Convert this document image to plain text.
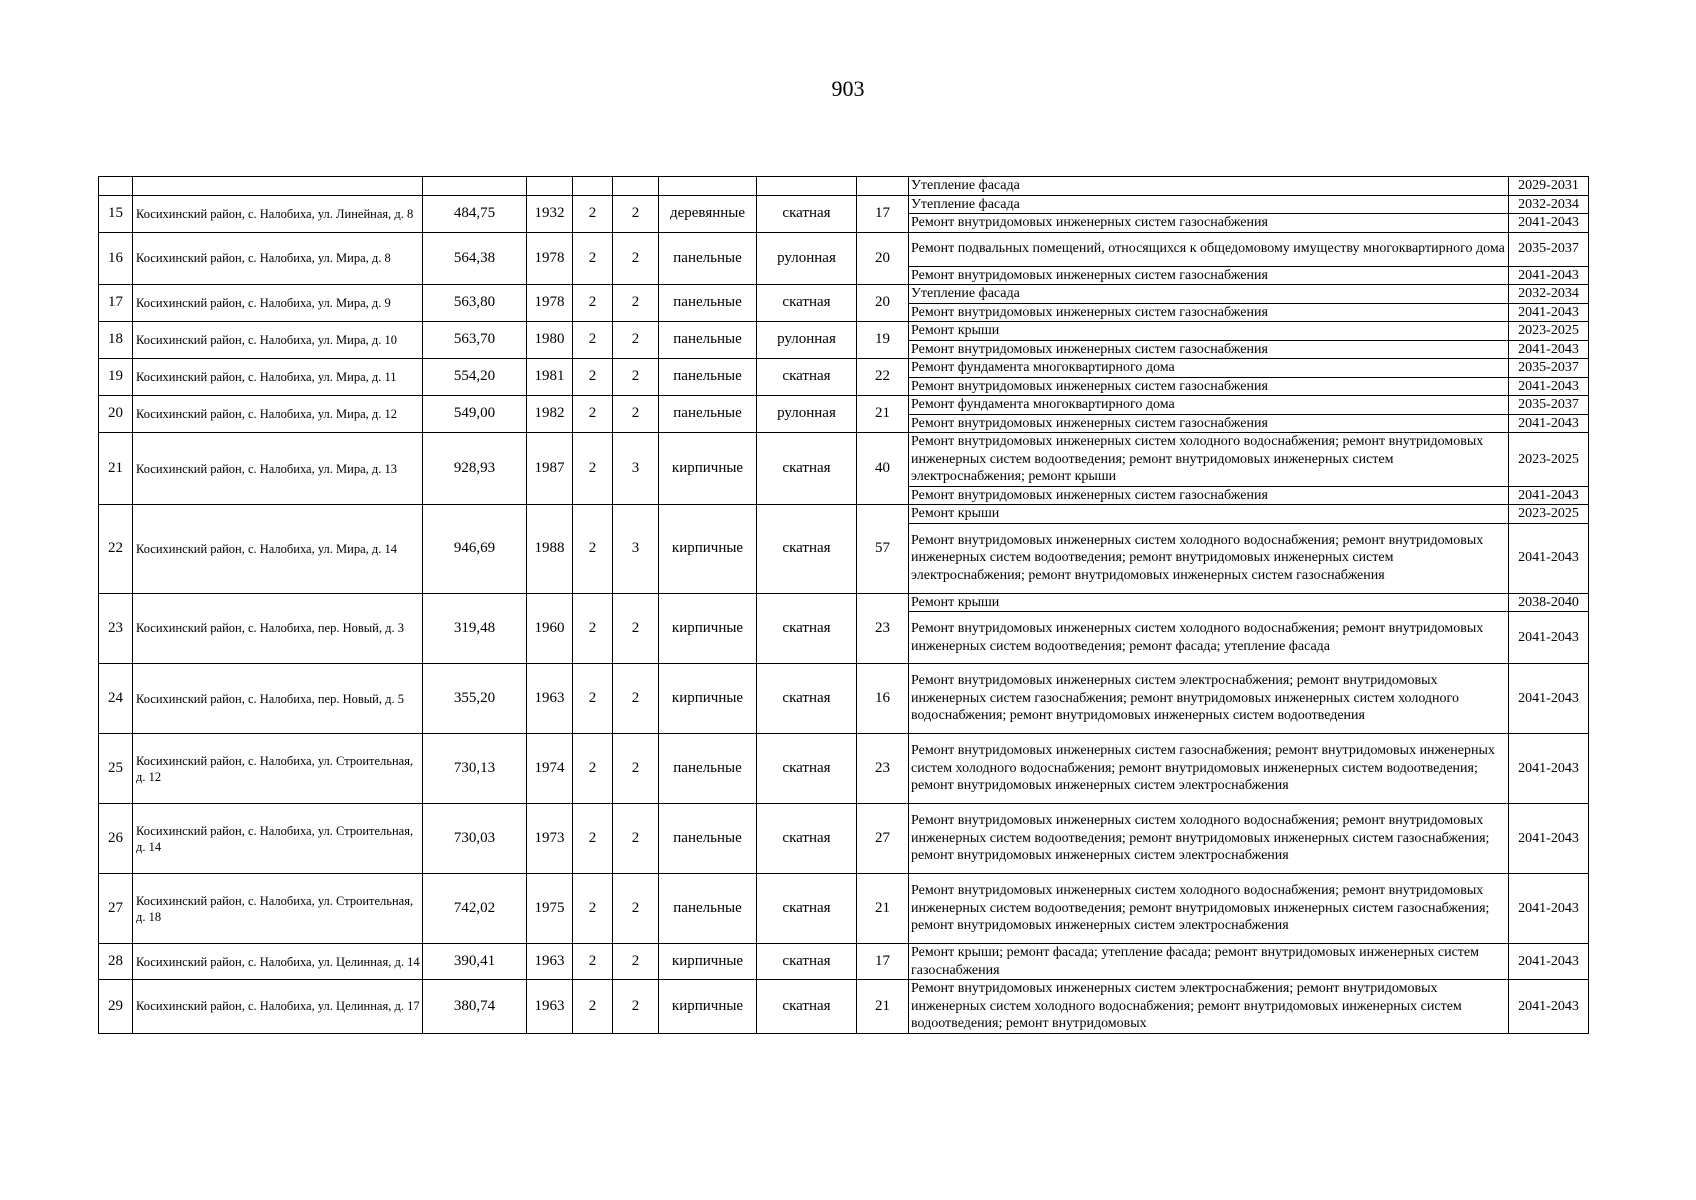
903
									Утепление фасада	2029-2031
15	Косихинский район, с. Налобиха, ул. Линейная, д. 8	484,75	1932	2	2	деревянные	скатная	17	Утепление фасада	2032-2034
									Ремонт внутридомовых инженерных систем газоснабжения	2041-2043
16	Косихинский район, с. Налобиха, ул. Мира, д. 8	564,38	1978	2	2	панельные	рулонная	20	Ремонт подвальных помещений, относящихся к общедомовому имуществу многоквартирного дома	2035-2037
									Ремонт внутридомовых инженерных систем газоснабжения	2041-2043
17	Косихинский район, с. Налобиха, ул. Мира, д. 9	563,80	1978	2	2	панельные	скатная	20	Утепление фасада	2032-2034
									Ремонт внутридомовых инженерных систем газоснабжения	2041-2043
18	Косихинский район, с. Налобиха, ул. Мира, д. 10	563,70	1980	2	2	панельные	рулонная	19	Ремонт крыши	2023-2025
									Ремонт внутридомовых инженерных систем газоснабжения	2041-2043
19	Косихинский район, с. Налобиха, ул. Мира, д. 11	554,20	1981	2	2	панельные	скатная	22	Ремонт фундамента многоквартирного дома	2035-2037
									Ремонт внутридомовых инженерных систем газоснабжения	2041-2043
20	Косихинский район, с. Налобиха, ул. Мира, д. 12	549,00	1982	2	2	панельные	рулонная	21	Ремонт фундамента многоквартирного дома	2035-2037
									Ремонт внутридомовых инженерных систем газоснабжения	2041-2043
21	Косихинский район, с. Налобиха, ул. Мира, д. 13	928,93	1987	2	3	кирпичные	скатная	40	Ремонт внутридомовых инженерных систем холодного водоснабжения; ремонт внутридомовых инженерных систем водоотведения; ремонт внутридомовых инженерных систем электроснабжения; ремонт крыши	2023-2025
									Ремонт внутридомовых инженерных систем газоснабжения	2041-2043
22	Косихинский район, с. Налобиха, ул. Мира, д. 14	946,69	1988	2	3	кирпичные	скатная	57	Ремонт крыши	2023-2025
									Ремонт внутридомовых инженерных систем холодного водоснабжения; ремонт внутридомовых инженерных систем водоотведения; ремонт внутридомовых инженерных систем электроснабжения; ремонт внутридомовых инженерных систем газоснабжения	2041-2043
23	Косихинский район, с. Налобиха, пер. Новый, д. 3	319,48	1960	2	2	кирпичные	скатная	23	Ремонт крыши	2038-2040
									Ремонт внутридомовых инженерных систем холодного водоснабжения; ремонт внутридомовых инженерных систем водоотведения; ремонт фасада; утепление фасада	2041-2043
24	Косихинский район, с. Налобиха, пер. Новый, д. 5	355,20	1963	2	2	кирпичные	скатная	16	Ремонт внутридомовых инженерных систем электроснабжения; ремонт внутридомовых инженерных систем газоснабжения; ремонт внутридомовых инженерных систем холодного водоснабжения; ремонт внутридомовых инженерных систем водоотведения	2041-2043
25	Косихинский район, с. Налобиха, ул. Строительная, д. 12	730,13	1974	2	2	панельные	скатная	23	Ремонт внутридомовых инженерных систем газоснабжения; ремонт внутридомовых инженерных систем холодного водоснабжения; ремонт внутридомовых инженерных систем водоотведения; ремонт внутридомовых инженерных систем электроснабжения	2041-2043
26	Косихинский район, с. Налобиха, ул. Строительная, д. 14	730,03	1973	2	2	панельные	скатная	27	Ремонт внутридомовых инженерных систем холодного водоснабжения; ремонт внутридомовых инженерных систем водоотведения; ремонт внутридомовых инженерных систем газоснабжения; ремонт внутридомовых инженерных систем электроснабжения	2041-2043
27	Косихинский район, с. Налобиха, ул. Строительная, д. 18	742,02	1975	2	2	панельные	скатная	21	Ремонт внутридомовых инженерных систем холодного водоснабжения; ремонт внутридомовых инженерных систем водоотведения; ремонт внутридомовых инженерных систем газоснабжения; ремонт внутридомовых инженерных систем электроснабжения	2041-2043
28	Косихинский район, с. Налобиха, ул. Целинная, д. 14	390,41	1963	2	2	кирпичные	скатная	17	Ремонт крыши; ремонт фасада; утепление фасада; ремонт внутридомовых инженерных систем газоснабжения	2041-2043
29	Косихинский район, с. Налобиха, ул. Целинная, д. 17	380,74	1963	2	2	кирпичные	скатная	21	Ремонт внутридомовых инженерных систем электроснабжения; ремонт внутридомовых инженерных систем холодного водоснабжения; ремонт внутридомовых инженерных систем водоотведения; ремонт внутридомовых	2041-2043
